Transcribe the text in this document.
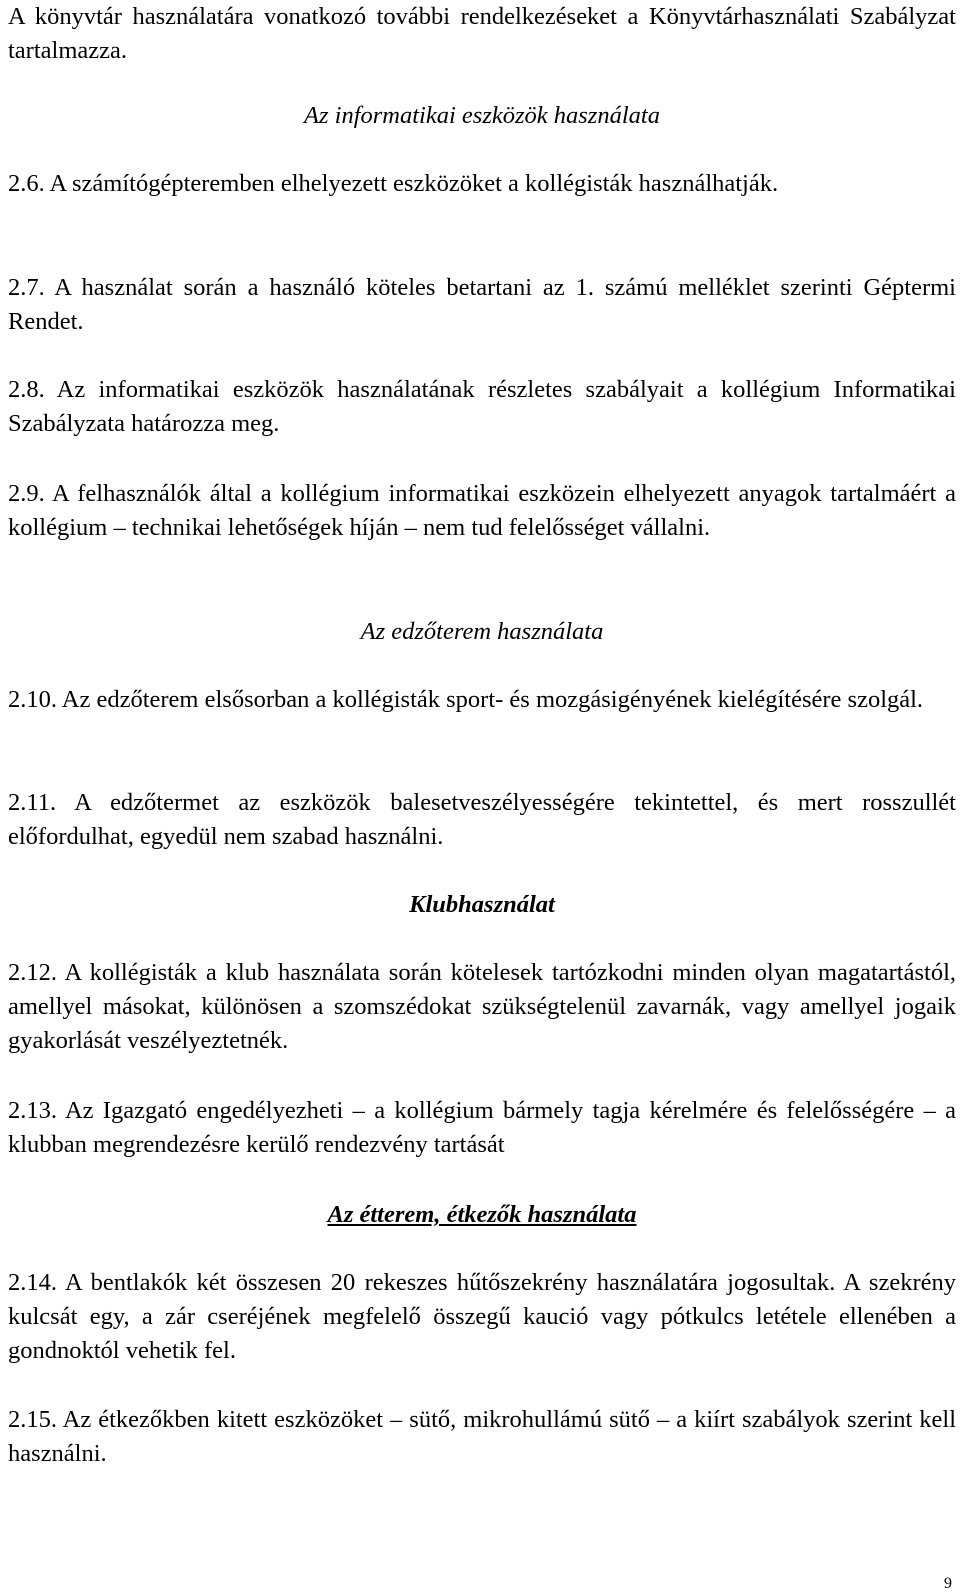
A könyvtár használatára vonatkozó további rendelkezéseket a Könyvtárhasználati Szabályzat tartalmazza.

Az informatikai eszközök használata

2.6. A számítógépteremben elhelyezett eszközöket a kollégisták használhatják.

2.7. A használat során a használó köteles betartani az 1. számú melléklet szerinti Géptermi Rendet.

2.8. Az informatikai eszközök használatának részletes szabályait a kollégium Informatikai Szabályzata határozza meg.

2.9. A felhasználók által a kollégium informatikai eszközein elhelyezett anyagok tartalmáért a kollégium – technikai lehetőségek híján – nem tud felelősséget vállalni.

Az edzőterem használata

2.10. Az edzőterem elsősorban a kollégisták sport- és mozgásigényének kielégítésére szolgál.

2.11. A edzőtermet az eszközök balesetveszélyességére tekintettel, és mert rosszullét előfordulhat, egyedül nem szabad használni.

Klubhasználat

2.12. A kollégisták a klub használata során kötelesek tartózkodni minden olyan magatartástól, amellyel másokat, különösen a szomszédokat szükségtelenül zavarnák, vagy amellyel jogaik gyakorlását veszélyeztetnék.

2.13. Az Igazgató engedélyezheti – a kollégium bármely tagja kérelmére és felelősségére – a klubban megrendezésre kerülő rendezvény tartását

Az étterem, étkezők használata

2.14. A bentlakók két összesen 20 rekeszes hűtőszekrény használatára jogosultak. A szekrény kulcsát egy, a zár cseréjének megfelelő összegű kaució vagy pótkulcs letétele ellenében a gondnoktól vehetik fel.

2.15. Az étkezőkben kitett eszközöket – sütő, mikrohullámú sütő – a kiírt szabályok szerint kell használni.

9
